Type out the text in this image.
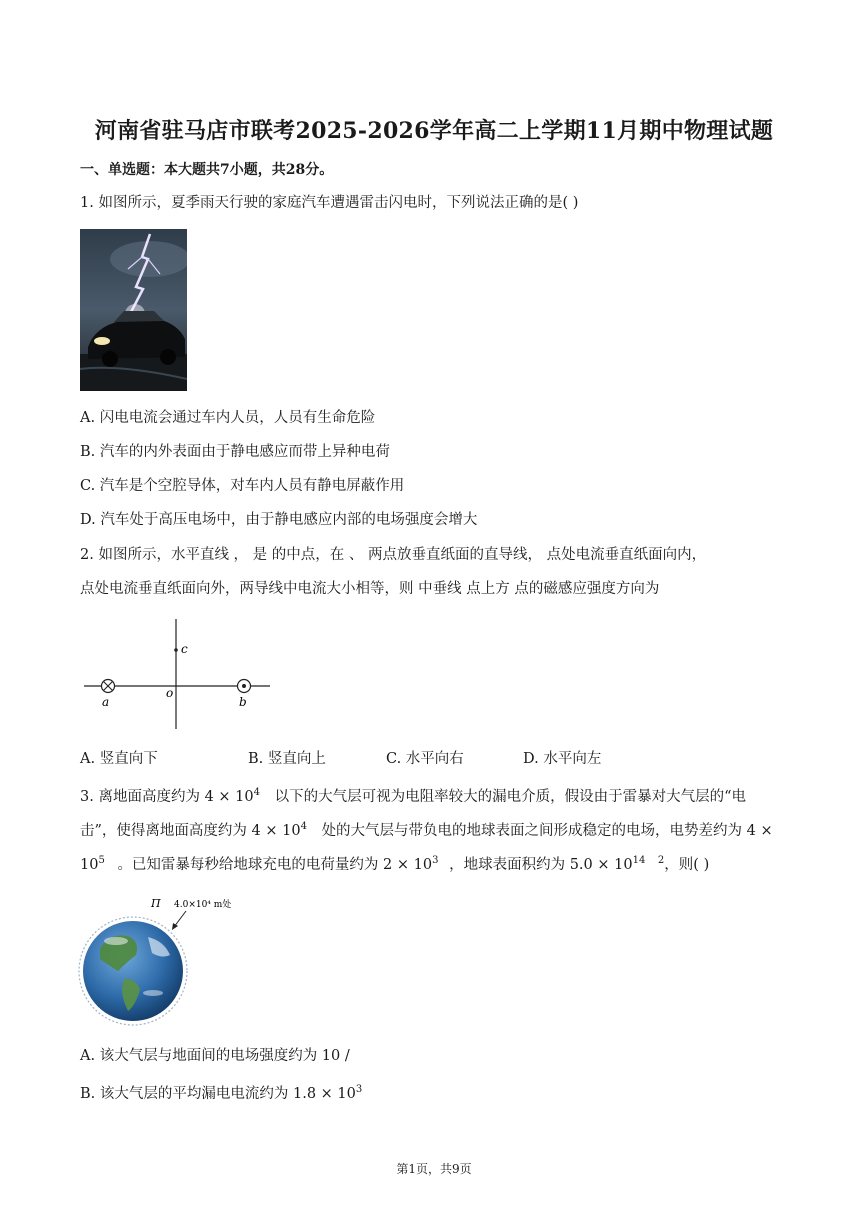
河南省驻马店市联考2025-2026学年高二上学期11月期中物理试题
一、单选题：本大题共7小题，共28分。
1. 如图所示，夏季雨天行驶的家庭汽车遭遇雷击闪电时，下列说法正确的是( )
A. 闪电电流会通过车内人员，人员有生命危险
B. 汽车的内外表面由于静电感应而带上异种电荷
C. 汽车是个空腔导体，对车内人员有静电屏蔽作用
D. 汽车处于高压电场中，由于静电感应内部的电场强度会增大
2. 如图所示，水平直线 ， 是 的中点，在 、 两点放垂直纸面的直导线， 点处电流垂直纸面向内，
点处电流垂直纸面向外，两导线中电流大小相等，则 中垂线 点上方 点的磁感应强度方向为
c
o
a	b
A. 竖直向下	B. 竖直向上	C. 水平向右	D. 水平向左
3. 离地面高度约为 $4 \times 10^4$ 以下的大气层可视为电阻率较大的漏电介质，假设由于雷暴对大气层的“电
击”，使得离地面高度约为 $4 \times 10^4$ 处的大气层与带负电的地球表面之间形成稳定的电场，电势差约为 4 ×
$10^5$ 。已知雷暴每秒给地球充电的电荷量约为 $2 \times 10^3$ ，地球表面积约为 $5.0 \times 10^{14}$ $^2$，则( )
Π 4.0×10⁴ m处
A. 该大气层与地面间的电场强度约为 10 /
B. 该大气层的平均漏电电流约为 $1.8 \times 10^3$
第1页，共9页
